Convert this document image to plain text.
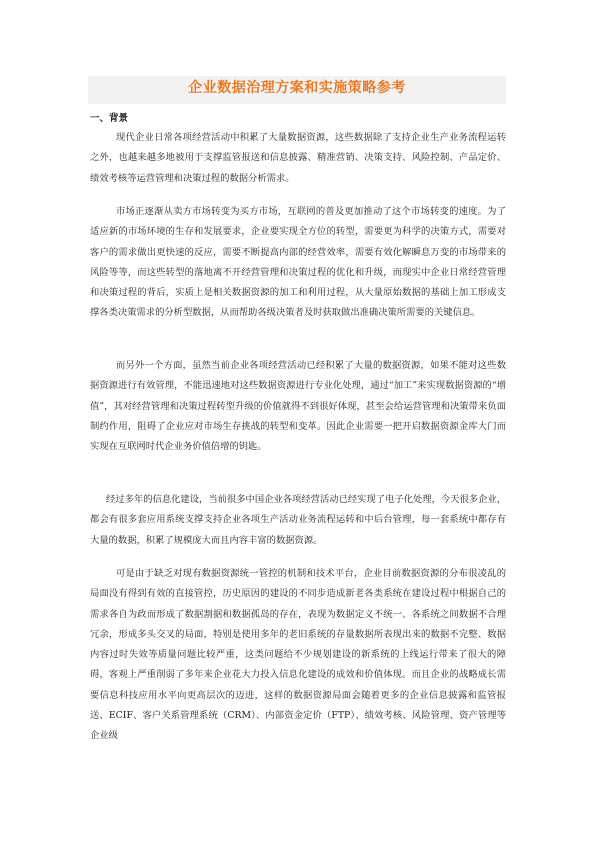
企业数据治理方案和实施策略参考
一、背景

现代企业日常各项经营活动中积累了大量数据资源，这些数据除了支持企业生产业务流程运转之外，也越来越多地被用于支撑监管报送和信息披露、精准营销、决策支持、风险控制、产品定价、绩效考核等运营管理和决策过程的数据分析需求。

市场正逐渐从卖方市场转变为买方市场，互联网的普及更加推动了这个市场转变的速度。为了适应新的市场环境的生存和发展要求，企业要实现全方位的转型，需要更为科学的决策方式，需要对客户的需求做出更快速的反应，需要不断提高内部的经营效率，需要有效化解瞬息万变的市场带来的风险等等，而这些转型的落地离不开经营管理和决策过程的优化和升级，而现实中企业日常经营管理和决策过程的背后，实质上是相关数据资源的加工和利用过程，从大量原始数据的基础上加工形成支撑各类决策需求的分析型数据，从而帮助各级决策者及时获取做出准确决策所需要的关键信息。

而另外一个方面，虽然当前企业各项经营活动已经积累了大量的数据资源，如果不能对这些数据资源进行有效管理，不能迅速地对这些数据资源进行专业化处理，通过“加工”来实现数据资源的“增值”，其对经营管理和决策过程转型升级的价值就得不到很好体现，甚至会给运营管理和决策带来负面制约作用，阻碍了企业应对市场生存挑战的转型和变革。因此企业需要一把开启数据资源金库大门而实现在互联网时代企业务价值倍增的钥匙。

经过多年的信息化建设，当前很多中国企业各项经营活动已经实现了电子化处理，今天很多企业，都会有很多套应用系统支撑支持企业各项生产活动业务流程运转和中后台管理，每一套系统中都存有大量的数据，积累了规模庞大而且内容丰富的数据资源。

可是由于缺乏对现有数据资源统一管控的机制和技术平台，企业目前数据资源的分布很凌乱的局面没有得到有效的直接管控，历史原因的建设的不同步造成新老各类系统在建设过程中根据自己的需求各自为政而形成了数据割据和数据孤岛的存在，表现为数据定义不统一、各系统之间数据不合理冗余，形成多头交叉的局面，特别是使用多年的老旧系统的存量数据所表现出来的数据不完整、数据内容过时失效等质量问题比较严重，这类问题给不少规划建设的新系统的上线运行带来了很大的障碍，客观上严重削弱了多年来企业花大力投入信息化建设的成效和价值体现。而且企业的战略成长需要信息科技应用水平向更高层次的迈进，这样的数据资源局面会随着更多的企业信息披露和监管报送、ECIF、客户关系管理系统（CRM）、内部资金定价（FTP）、绩效考核、风险管理、资产管理等企业级
